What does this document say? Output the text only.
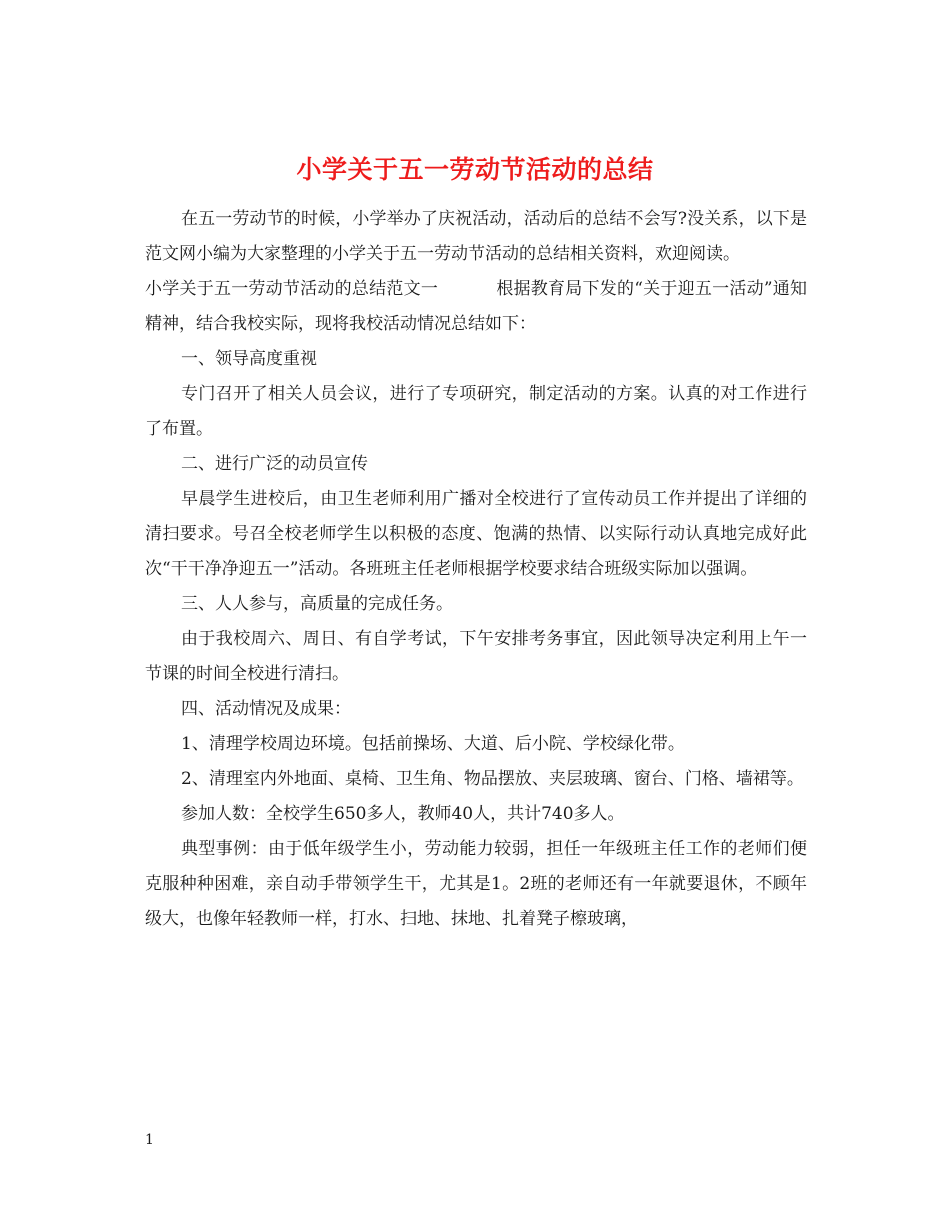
小学关于五一劳动节活动的总结

在五一劳动节的时候，小学举办了庆祝活动，活动后的总结不会写?没关系，以下是范文网小编为大家整理的小学关于五一劳动节活动的总结相关资料，欢迎阅读。

小学关于五一劳动节活动的总结范文一	根据教育局下发的“关于迎五一活动”通知精神，结合我校实际，现将我校活动情况总结如下：

一、领导高度重视

专门召开了相关人员会议，进行了专项研究，制定活动的方案。认真的对工作进行了布置。

二、进行广泛的动员宣传

早晨学生进校后，由卫生老师利用广播对全校进行了宣传动员工作并提出了详细的清扫要求。号召全校老师学生以积极的态度、饱满的热情、以实际行动认真地完成好此次“干干净净迎五一”活动。各班班主任老师根据学校要求结合班级实际加以强调。

三、人人参与，高质量的完成任务。

由于我校周六、周日、有自学考试，下午安排考务事宜，因此领导决定利用上午一节课的时间全校进行清扫。

四、活动情况及成果：

1、清理学校周边环境。包括前操场、大道、后小院、学校绿化带。

2、清理室内外地面、桌椅、卫生角、物品摆放、夹层玻璃、窗台、门格、墙裙等。

参加人数：全校学生650多人，教师40人，共计740多人。

典型事例：由于低年级学生小，劳动能力较弱，担任一年级班主任工作的老师们便克服种种困难，亲自动手带领学生干，尤其是1。2班的老师还有一年就要退休，不顾年级大，也像年轻教师一样，打水、扫地、抹地、扎着凳子檫玻璃，

1
